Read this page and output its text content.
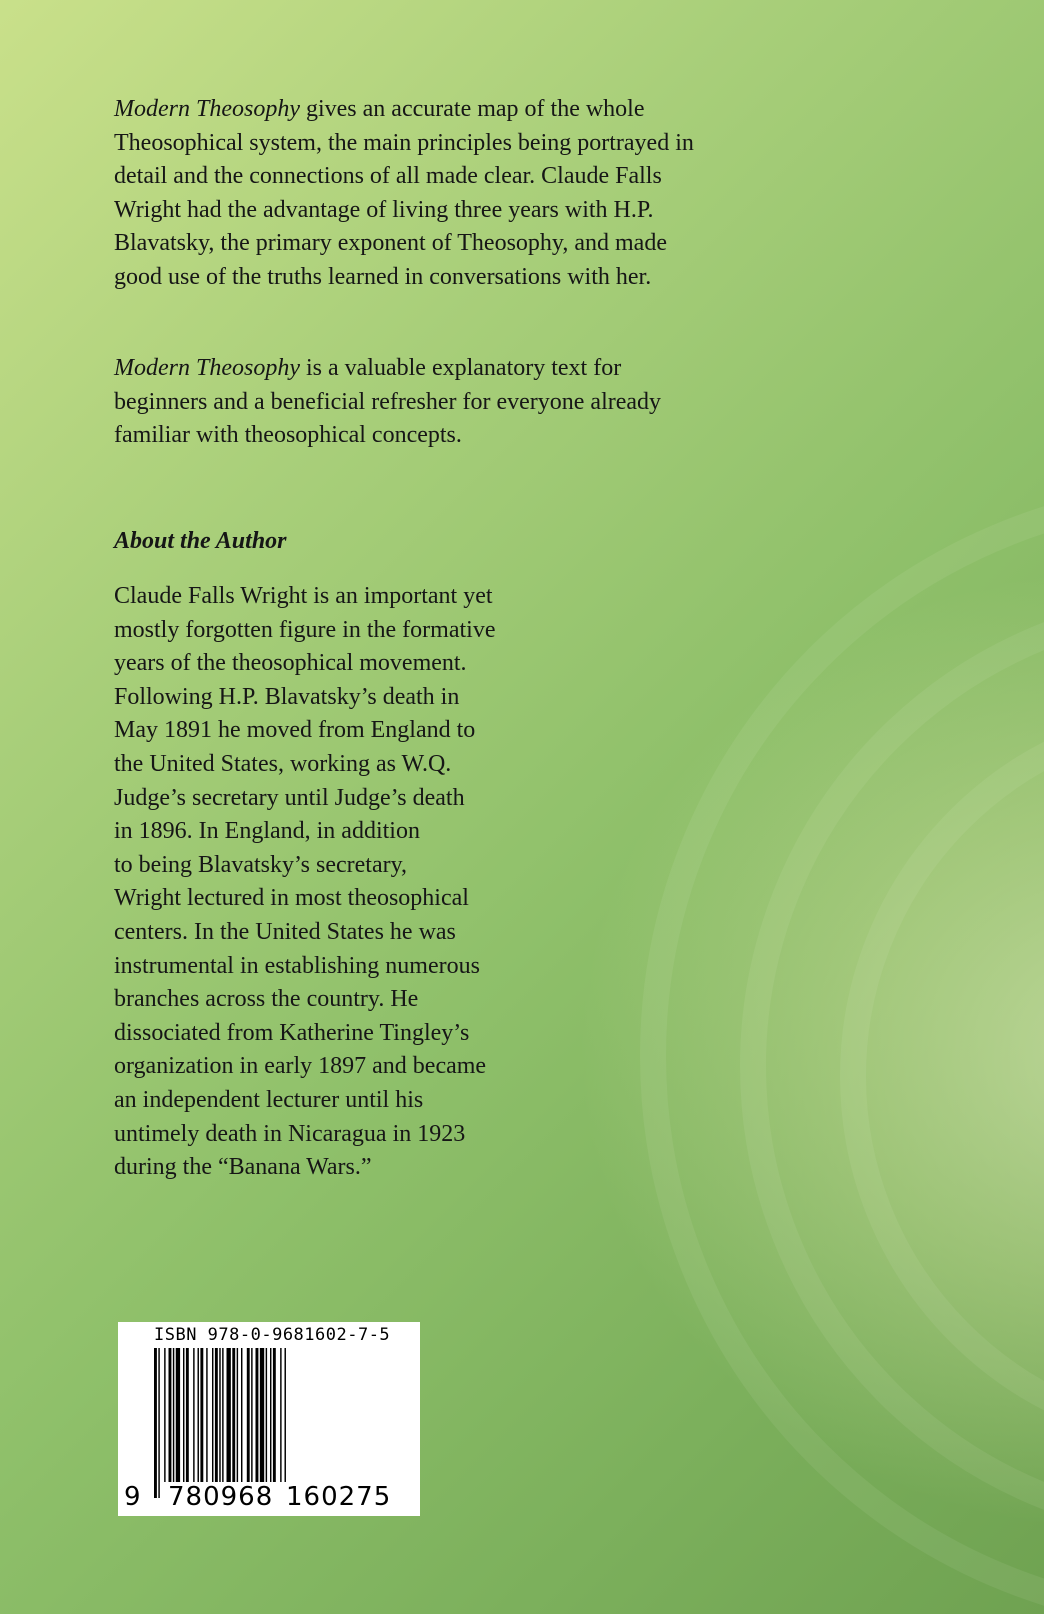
Modern Theosophy gives an accurate map of the whole Theosophical system, the main principles being portrayed in detail and the connections of all made clear. Claude Falls Wright had the advantage of living three years with H.P. Blavatsky, the primary exponent of Theosophy, and made good use of the truths learned in conversations with her.

Modern Theosophy is a valuable explanatory text for beginners and a beneficial refresher for everyone already familiar with theosophical concepts.

About the Author

Claude Falls Wright is an important yet
mostly forgotten figure in the formative
years of the theosophical movement.
Following H.P. Blavatsky’s death in
May 1891 he moved from England to
the United States, working as W.Q.
Judge’s secretary until Judge’s death
in 1896. In England, in addition
to being Blavatsky’s secretary,
Wright lectured in most theosophical
centers. In the United States he was
instrumental in establishing numerous
branches across the country. He
dissociated from Katherine Tingley’s
organization in early 1897 and became
an independent lecturer until his
untimely death in Nicaragua in 1923
during the “Banana Wars.”

ISBN 978-0-9681602-7-5
9 780968 160275
